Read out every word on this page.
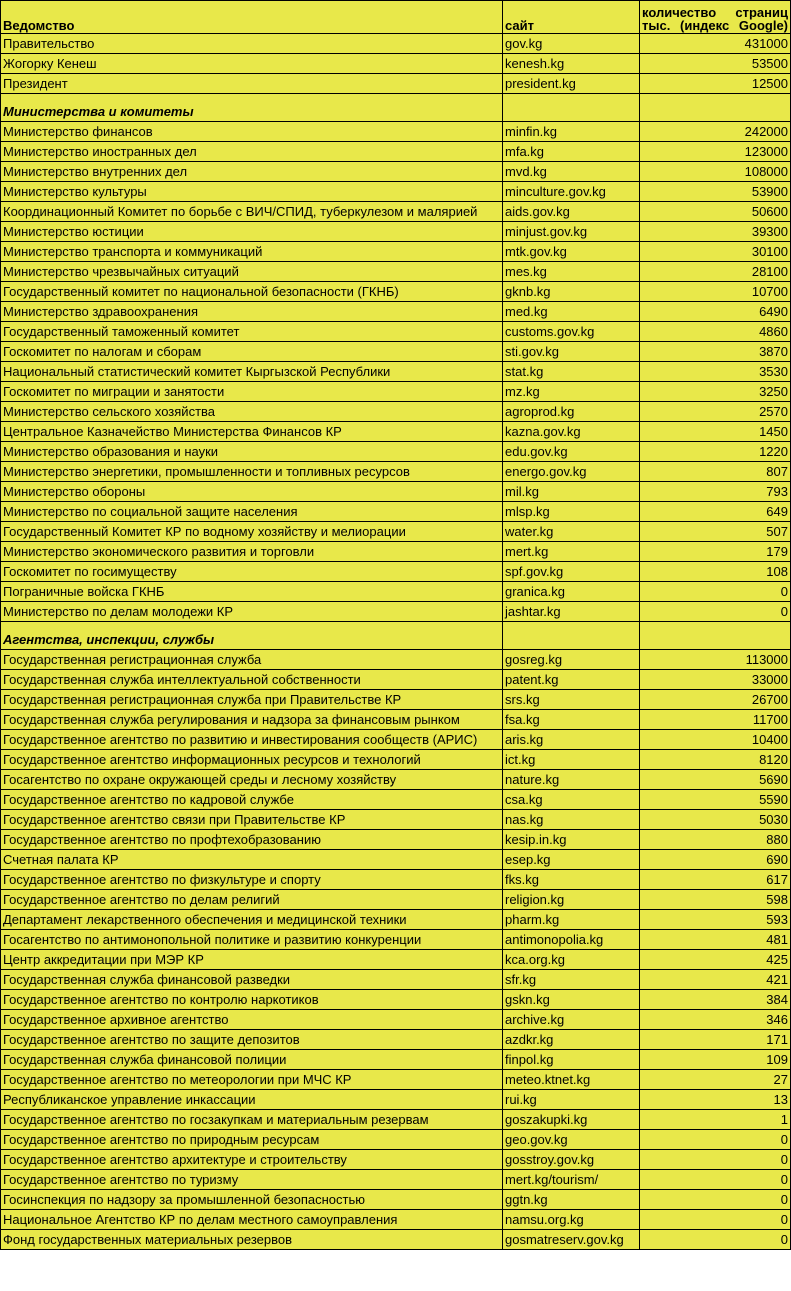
Ведомство	сайт	количество страниц тыс. (индекс Google)
Правительство	gov.kg	431000
Жогорку Кенеш	kenesh.kg	53500
Президент	president.kg	12500
Министерства и комитеты		
Министерство финансов	minfin.kg	242000
Министерство иностранных дел	mfa.kg	123000
Министерство внутренних дел	mvd.kg	108000
Министерство культуры	minculture.gov.kg	53900
Координационный Комитет по борьбе с ВИЧ/СПИД, туберкулезом и малярией	aids.gov.kg	50600
Министерство юстиции	minjust.gov.kg	39300
Министерство транспорта и коммуникаций	mtk.gov.kg	30100
Министерство чрезвычайных ситуаций	mes.kg	28100
Государственный комитет по национальной безопасности (ГКНБ)	gknb.kg	10700
Министерство здравоохранения	med.kg	6490
Государственный таможенный комитет	customs.gov.kg	4860
Госкомитет по налогам и сборам	sti.gov.kg	3870
Национальный статистический комитет Кыргызской Республики	stat.kg	3530
Госкомитет по миграции и занятости	mz.kg	3250
Министерство сельского хозяйства	agroprod.kg	2570
Центральное Казначейство Министерства Финансов КР	kazna.gov.kg	1450
Министерство образования и науки	edu.gov.kg	1220
Министерство энергетики, промышленности и топливных ресурсов	energo.gov.kg	807
Министерство обороны	mil.kg	793
Министерство по социальной защите населения	mlsp.kg	649
Государственный Комитет КР по водному хозяйству и мелиорации	water.kg	507
Министерство экономического развития и торговли	mert.kg	179
Госкомитет по госимуществу	spf.gov.kg	108
Пограничные войска ГКНБ	granica.kg	0
Министерство по делам молодежи КР	jashtar.kg	0
Агентства, инспекции, службы		
Государственная регистрационная служба	gosreg.kg	113000
Государственная служба интеллектуальной собственности	patent.kg	33000
Государственная регистрационная служба при Правительстве КР	srs.kg	26700
Государственная служба регулирования и надзора за финансовым рынком	fsa.kg	11700
Государственное агентство по развитию и инвестирования сообществ (АРИС)	aris.kg	10400
Государственное агентство информационных ресурсов и технологий	ict.kg	8120
Госагентство по охране окружающей среды и лесному хозяйству	nature.kg	5690
Государственное агентство по кадровой службе	csa.kg	5590
Государственное агентство связи при Правительстве КР	nas.kg	5030
Государственное агентство по профтехобразованию	kesip.in.kg	880
Счетная палата КР	esep.kg	690
Государственное агентство по физкультуре и спорту	fks.kg	617
Государственное агентство по делам религий	religion.kg	598
Департамент лекарственного обеспечения и медицинской техники	pharm.kg	593
Госагентство по антимонопольной политике и развитию конкуренции	antimonopolia.kg	481
Центр аккредитации при МЭР КР	kca.org.kg	425
Государственная служба финансовой разведки	sfr.kg	421
Государственное агентство по контролю наркотиков	gskn.kg	384
Государственное архивное агентство	archive.kg	346
Государственное агентство по защите депозитов	azdkr.kg	171
Государственная служба финансовой полиции	finpol.kg	109
Государственное агентство по метеорологии при МЧС КР	meteo.ktnet.kg	27
Республиканское управление инкассации	rui.kg	13
Государственное агентство по госзакупкам и материальным резервам	goszakupki.kg	1
Государственное агентство по природным ресурсам	geo.gov.kg	0
Государственное агентство архитектуре и строительству	gosstroy.gov.kg	0
Государственное агентство по туризму	mert.kg/tourism/	0
Госинспекция по надзору за промышленной безопасностью	ggtn.kg	0
Национальное Агентство КР по делам местного самоуправления	namsu.org.kg	0
Фонд государственных материальных резервов	gosmatreserv.gov.kg	0
